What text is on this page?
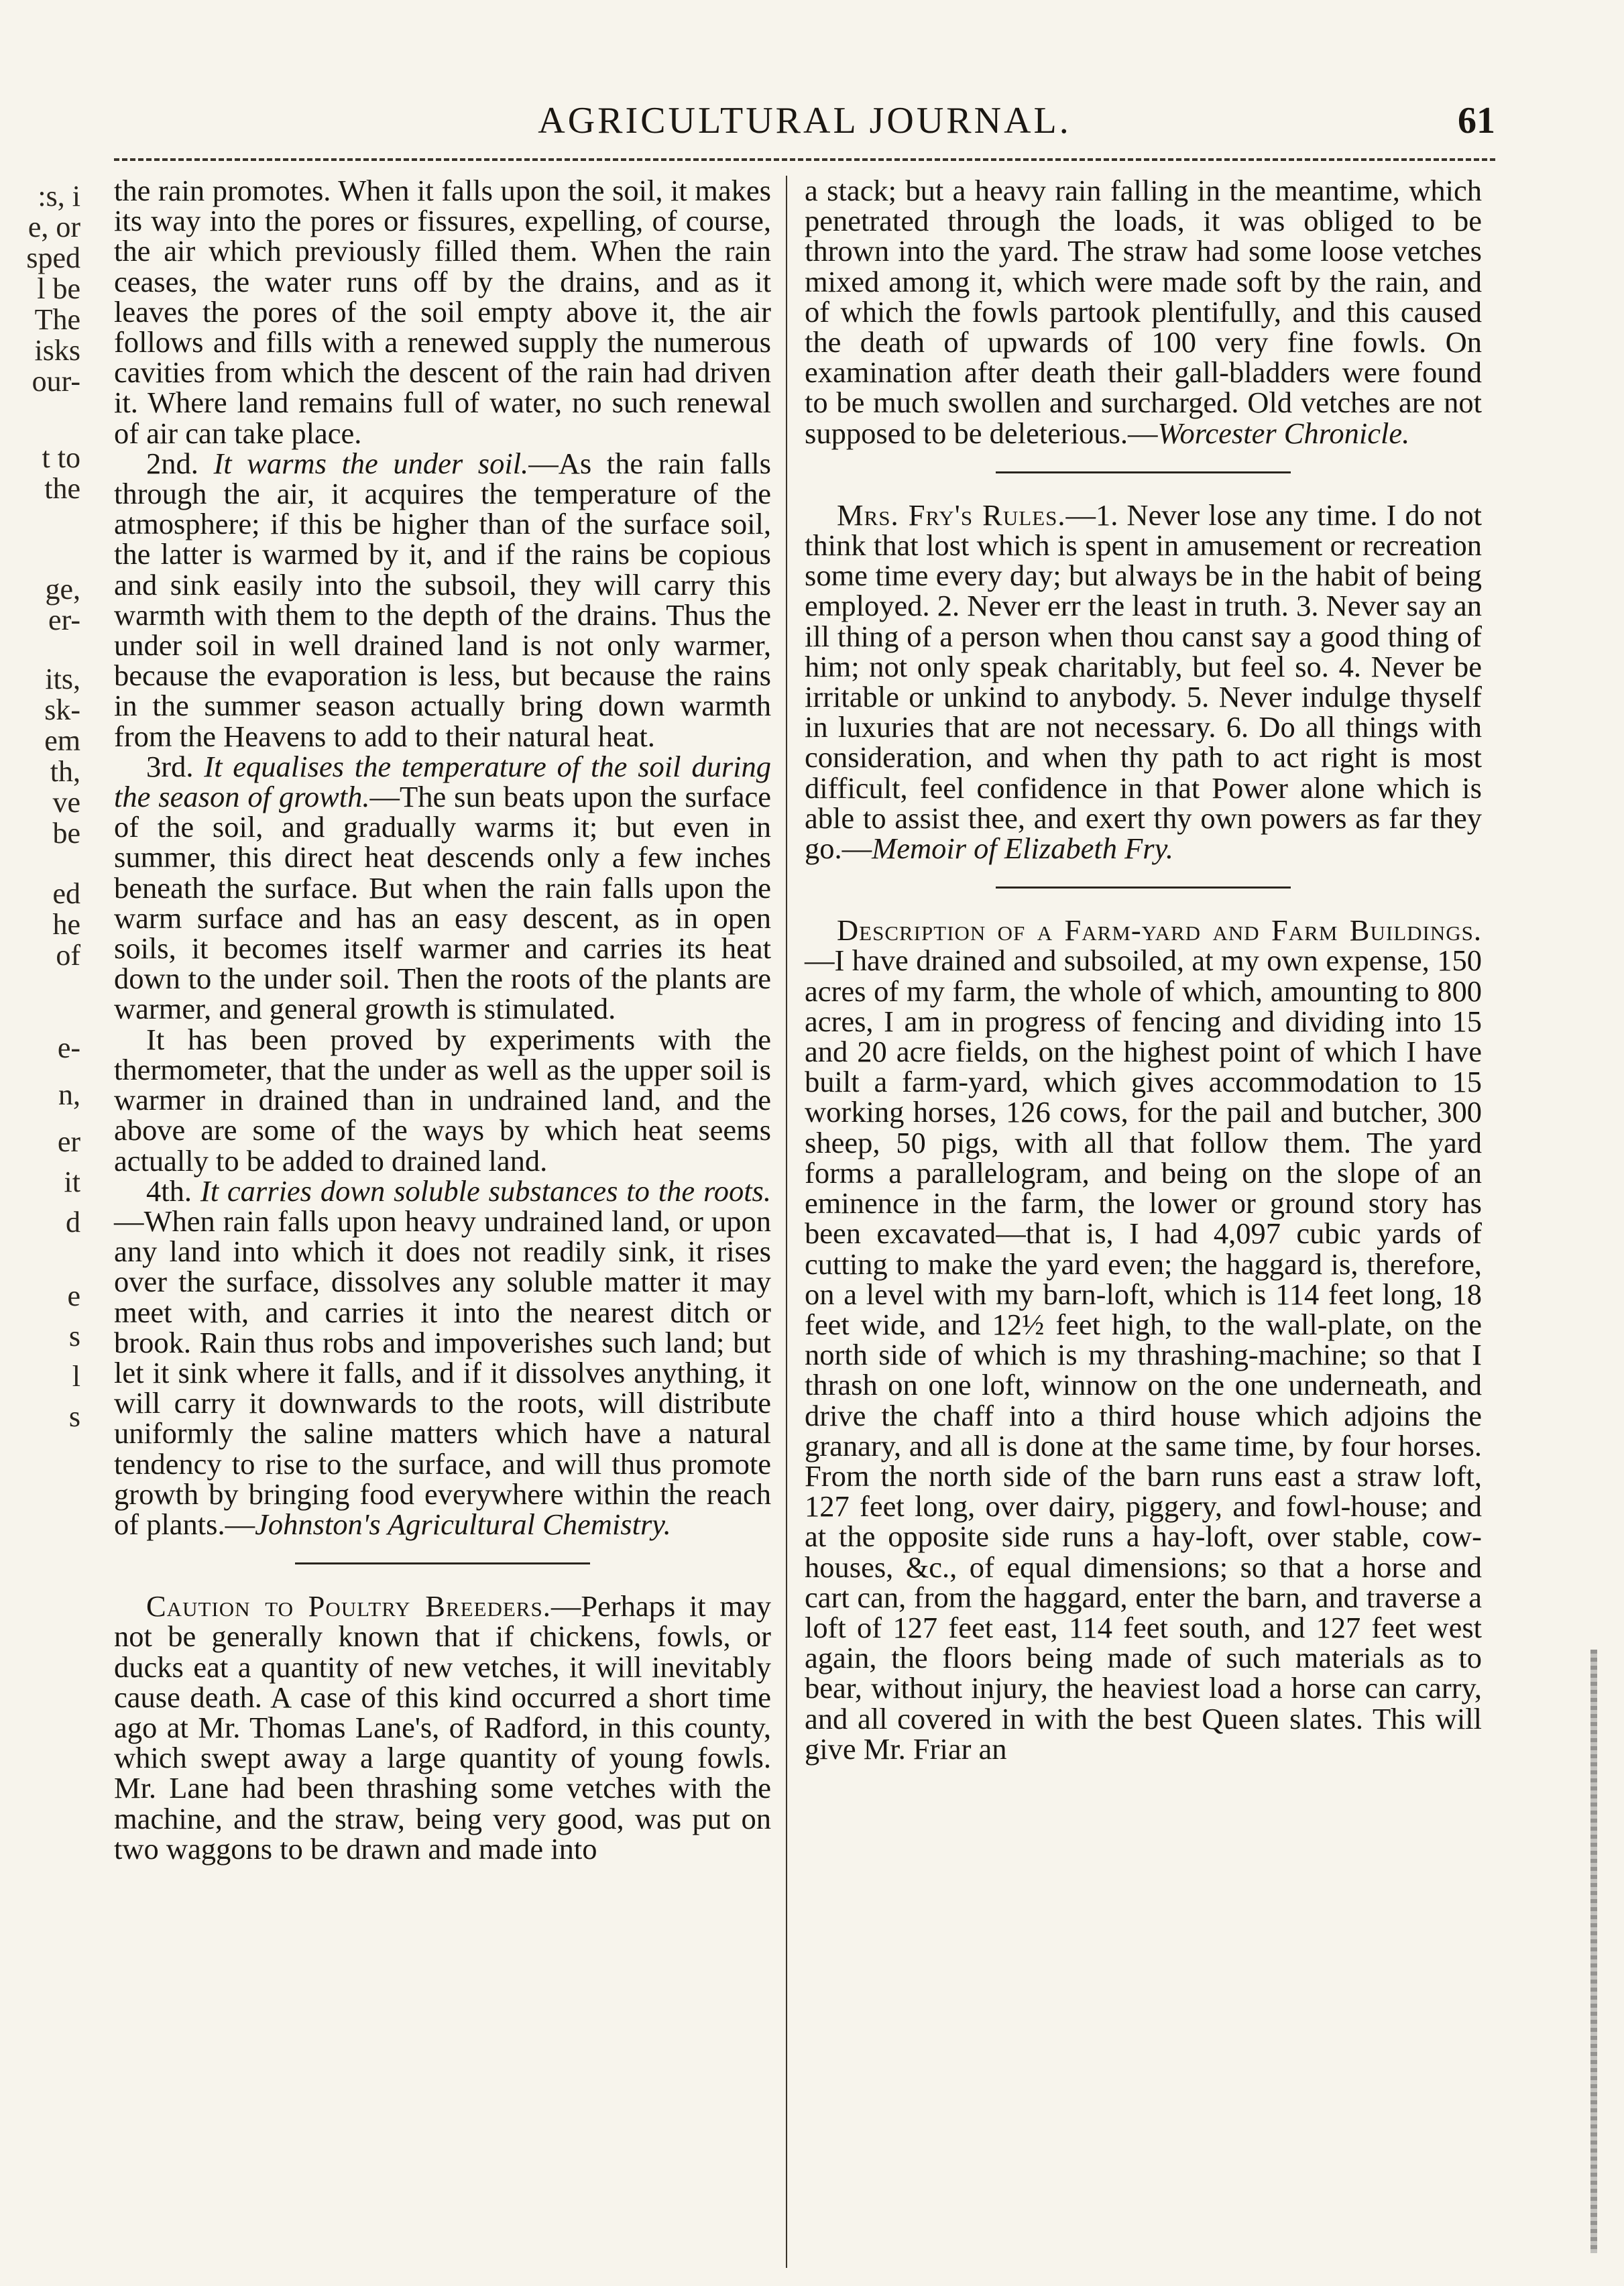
AGRICULTURAL JOURNAL.	61
:s, i
e, or
sped
l be
The
isks
our-
t to
the
ge,
er-
its,
sk-
em
th,
ve
be
ed
he
of
e-
n,
er
it
d
e
s
l
s

the rain promotes. When it falls upon the soil, it makes its way into the pores or fissures, expelling, of course, the air which previously filled them. When the rain ceases, the water runs off by the drains, and as it leaves the pores of the soil empty above it, the air follows and fills with a renewed supply the numerous cavities from which the descent of the rain had driven it. Where land remains full of water, no such renewal of air can take place.

2nd. It warms the under soil.—As the rain falls through the air, it acquires the temperature of the atmosphere; if this be higher than of the surface soil, the latter is warmed by it, and if the rains be copious and sink easily into the subsoil, they will carry this warmth with them to the depth of the drains. Thus the under soil in well drained land is not only warmer, because the evaporation is less, but because the rains in the summer season actually bring down warmth from the Heavens to add to their natural heat.

3rd. It equalises the temperature of the soil during the season of growth.—The sun beats upon the surface of the soil, and gradually warms it; but even in summer, this direct heat descends only a few inches beneath the surface. But when the rain falls upon the warm surface and has an easy descent, as in open soils, it becomes itself warmer and carries its heat down to the under soil. Then the roots of the plants are warmer, and general growth is stimulated.

It has been proved by experiments with the thermometer, that the under as well as the upper soil is warmer in drained than in undrained land, and the above are some of the ways by which heat seems actually to be added to drained land.

4th. It carries down soluble substances to the roots.—When rain falls upon heavy undrained land, or upon any land into which it does not readily sink, it rises over the surface, dissolves any soluble matter it may meet with, and carries it into the nearest ditch or brook. Rain thus robs and impoverishes such land; but let it sink where it falls, and if it dissolves anything, it will carry it downwards to the roots, will distribute uniformly the saline matters which have a natural tendency to rise to the surface, and will thus promote growth by bringing food everywhere within the reach of plants.—Johnston's Agricultural Chemistry.

Caution to Poultry Breeders.—Perhaps it may not be generally known that if chickens, fowls, or ducks eat a quantity of new vetches, it will inevitably cause death. A case of this kind occurred a short time ago at Mr. Thomas Lane's, of Radford, in this county, which swept away a large quantity of young fowls. Mr. Lane had been thrashing some vetches with the machine, and the straw, being very good, was put on two waggons to be drawn and made into

a stack; but a heavy rain falling in the meantime, which penetrated through the loads, it was obliged to be thrown into the yard. The straw had some loose vetches mixed among it, which were made soft by the rain, and of which the fowls partook plentifully, and this caused the death of upwards of 100 very fine fowls. On examination after death their gall-bladders were found to be much swollen and surcharged. Old vetches are not supposed to be deleterious.—Worcester Chronicle.

Mrs. Fry's Rules.—1. Never lose any time. I do not think that lost which is spent in amusement or recreation some time every day; but always be in the habit of being employed. 2. Never err the least in truth. 3. Never say an ill thing of a person when thou canst say a good thing of him; not only speak charitably, but feel so. 4. Never be irritable or unkind to anybody. 5. Never indulge thyself in luxuries that are not necessary. 6. Do all things with consideration, and when thy path to act right is most difficult, feel confidence in that Power alone which is able to assist thee, and exert thy own powers as far they go.—Memoir of Elizabeth Fry.

Description of a Farm-yard and Farm Buildings.—I have drained and subsoiled, at my own expense, 150 acres of my farm, the whole of which, amounting to 800 acres, I am in progress of fencing and dividing into 15 and 20 acre fields, on the highest point of which I have built a farm-yard, which gives accommodation to 15 working horses, 126 cows, for the pail and butcher, 300 sheep, 50 pigs, with all that follow them. The yard forms a parallelogram, and being on the slope of an eminence in the farm, the lower or ground story has been excavated—that is, I had 4,097 cubic yards of cutting to make the yard even; the haggard is, therefore, on a level with my barn-loft, which is 114 feet long, 18 feet wide, and 12½ feet high, to the wall-plate, on the north side of which is my thrashing-machine; so that I thrash on one loft, winnow on the one underneath, and drive the chaff into a third house which adjoins the granary, and all is done at the same time, by four horses. From the north side of the barn runs east a straw loft, 127 feet long, over dairy, piggery, and fowl-house; and at the opposite side runs a hay-loft, over stable, cow-houses, &c., of equal dimensions; so that a horse and cart can, from the haggard, enter the barn, and traverse a loft of 127 feet east, 114 feet south, and 127 feet west again, the floors being made of such materials as to bear, without injury, the heaviest load a horse can carry, and all covered in with the best Queen slates. This will give Mr. Friar an
